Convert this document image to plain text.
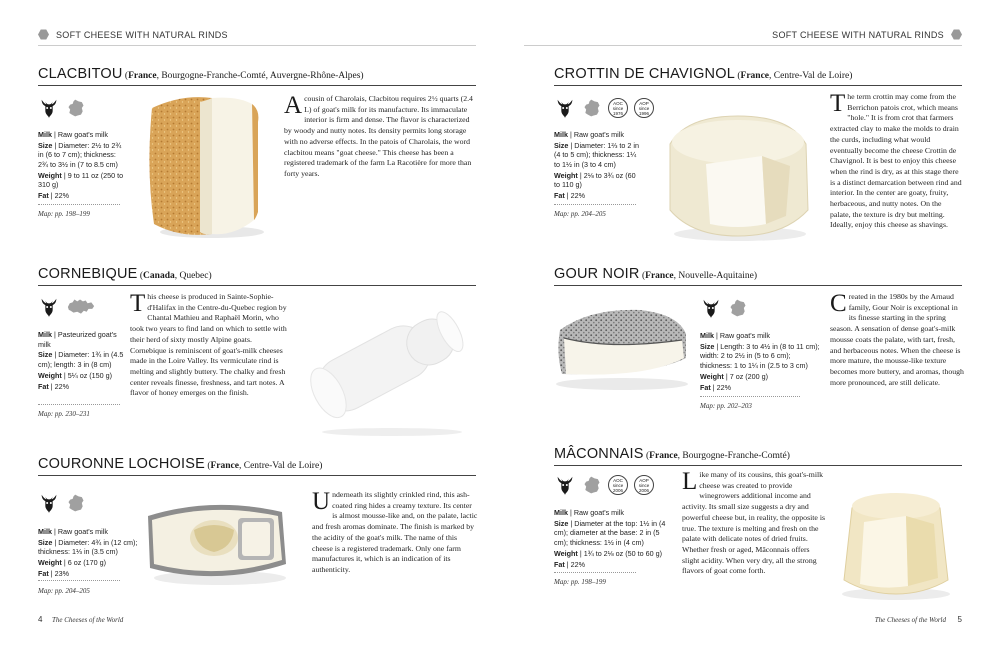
SOFT CHEESE WITH NATURAL RINDS
CLACBITOU (France, Bourgogne-Franche-Comté, Auvergne-Rhône-Alpes)

Milk | Raw goat's milk

Size | Diameter: 2½ to 2¾ in (6 to 7 cm); thickness: 2¾ to 3½ in (7 to 8.5 cm)

Weight | 9 to 11 oz (250 to 310 g)

Fat | 22%

Map: pp. 198–199
A cousin of Charolais, Clacbitou requires 2½ quarts (2.4 L) of goat's milk for its manufacture. Its immaculate interior is firm and dense. The flavor is characterized by woody and nutty notes. Its density permits long storage with no adverse effects. In the patois of Charolais, the word clacbitou means "goat cheese." This cheese has been a registered trademark of the farm La Racotière for more than forty years.
CORNEBIQUE (Canada, Quebec)

Milk | Pasteurized goat's milk

Size | Diameter: 1¾ in (4.5 cm); length: 3 in (8 cm)

Weight | 5¼ oz (150 g)

Fat | 22%

Map: pp. 230–231
This cheese is produced in Sainte-Sophie-d'Halifax in the Centre-du-Quebec region by Chantal Mathieu and Raphaël Morin, who took two years to find land on which to settle with their herd of sixty mostly Alpine goats. Cornebique is reminiscent of goat's-milk cheeses made in the Loire Valley. Its vermiculate rind is melting and slightly buttery. The chalky and fresh center reveals finesse, freshness, and tart notes. A flavor of honey emerges on the finish.
COURONNE LOCHOISE (France, Centre-Val de Loire)

Milk | Raw goat's milk

Size | Diameter: 4¾ in (12 cm); thickness: 1⅓ in (3.5 cm)

Weight | 6 oz (170 g)

Fat | 23%

Map: pp. 204–205
Underneath its slightly crinkled rind, this ash-coated ring hides a creamy texture. Its center is almost mousse-like and, on the palate, lactic and fresh aromas dominate. The finish is marked by the acidity of the goat's milk. The name of this cheese is a registered trademark. Only one farm manufactures it, which is an indication of its authenticity.
4 The Cheeses of the World
SOFT CHEESE WITH NATURAL RINDS
CROTTIN DE CHAVIGNOL (France, Centre-Val de Loire)
AOC
since
1976
AOP
since
1996

Milk | Raw goat's milk

Size | Diameter: 1⅔ to 2 in (4 to 5 cm); thickness: 1¼ to 1½ in (3 to 4 cm)

Weight | 2⅛ to 3¾ oz (60 to 110 g)

Fat | 22%

Map: pp. 204–205
The term crottin may come from the Berrichon patois crot, which means "hole." It is from crot that farmers extracted clay to make the molds to drain the curds, including what would eventually become the cheese Crottin de Chavignol. It is best to enjoy this cheese when the rind is dry, as at this stage there is a distinct demarcation between rind and interior. In the center are goaty, fruity, herbaceous, and nutty notes. On the palate, the texture is dry but melting. Ideally, enjoy this cheese as shavings.
GOUR NOIR (France, Nouvelle-Aquitaine)

Milk | Raw goat's milk

Size | Length: 3 to 4½ in (8 to 11 cm); width: 2 to 2½ in (5 to 6 cm); thickness: 1 to 1¼ in (2.5 to 3 cm)

Weight | 7 oz (200 g)

Fat | 22%

Map: pp. 202–203
Created in the 1980s by the Arnaud family, Gour Noir is exceptional in its finesse starting in the spring season. A sensation of dense goat's-milk mousse coats the palate, with tart, fresh, and herbaceous notes. When the cheese is more mature, the mousse-like texture becomes more buttery, and aromas, though more pronounced, are still delicate.
MÂCONNAIS (France, Bourgogne-Franche-Comté)
AOC
since
2006
AOP
since
2006

Milk | Raw goat's milk

Size | Diameter at the top: 1½ in (4 cm); diameter at the base: 2 in (5 cm); thickness: 1½ in (4 cm)

Weight | 1¾ to 2⅛ oz (50 to 60 g)

Fat | 22%

Map: pp. 198–199
Like many of its cousins, this goat's-milk cheese was created to provide winegrowers additional income and activity. Its small size suggests a dry and powerful cheese but, in reality, the opposite is true. The texture is melting and fresh on the palate with delicate notes of dried fruits. Whether fresh or aged, Mâconnais offers slight acidity. When very dry, all the strong flavors of goat come forth.
The Cheeses of the World 5
